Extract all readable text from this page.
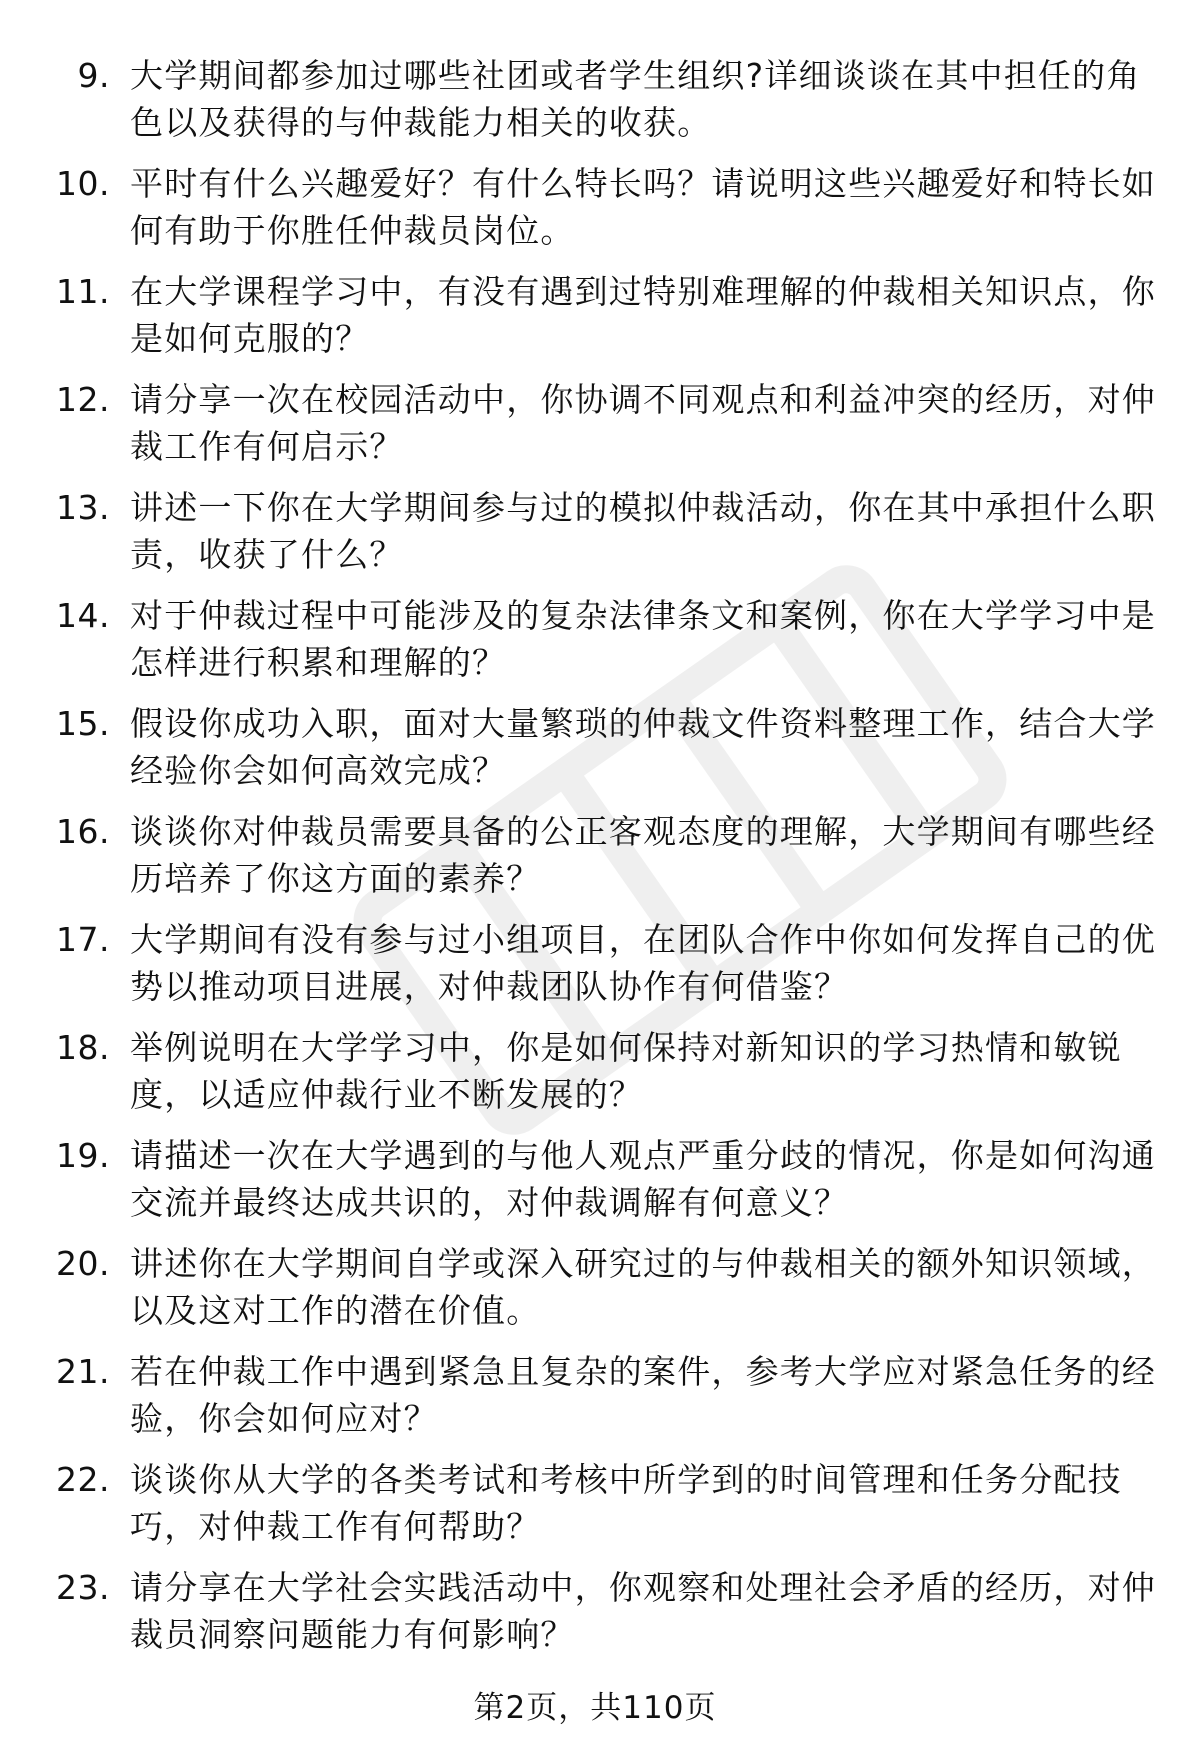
9. 大学期间都参加过哪些社团或者学生组织?详细谈谈在其中担任的角色以及获得的与仲裁能力相关的收获。
10. 平时有什么兴趣爱好？有什么特长吗？请说明这些兴趣爱好和特长如何有助于你胜任仲裁员岗位。
11. 在大学课程学习中，有没有遇到过特别难理解的仲裁相关知识点，你是如何克服的？
12. 请分享一次在校园活动中，你协调不同观点和利益冲突的经历，对仲裁工作有何启示？
13. 讲述一下你在大学期间参与过的模拟仲裁活动，你在其中承担什么职责，收获了什么？
14. 对于仲裁过程中可能涉及的复杂法律条文和案例，你在大学学习中是怎样进行积累和理解的？
15. 假设你成功入职，面对大量繁琐的仲裁文件资料整理工作，结合大学经验你会如何高效完成？
16. 谈谈你对仲裁员需要具备的公正客观态度的理解，大学期间有哪些经历培养了你这方面的素养？
17. 大学期间有没有参与过小组项目，在团队合作中你如何发挥自己的优势以推动项目进展，对仲裁团队协作有何借鉴？
18. 举例说明在大学学习中，你是如何保持对新知识的学习热情和敏锐度，以适应仲裁行业不断发展的？
19. 请描述一次在大学遇到的与他人观点严重分歧的情况，你是如何沟通交流并最终达成共识的，对仲裁调解有何意义？
20. 讲述你在大学期间自学或深入研究过的与仲裁相关的额外知识领域，以及这对工作的潜在价值。
21. 若在仲裁工作中遇到紧急且复杂的案件，参考大学应对紧急任务的经验，你会如何应对？
22. 谈谈你从大学的各类考试和考核中所学到的时间管理和任务分配技巧，对仲裁工作有何帮助？
23. 请分享在大学社会实践活动中，你观察和处理社会矛盾的经历，对仲裁员洞察问题能力有何影响？
第2页，共110页
